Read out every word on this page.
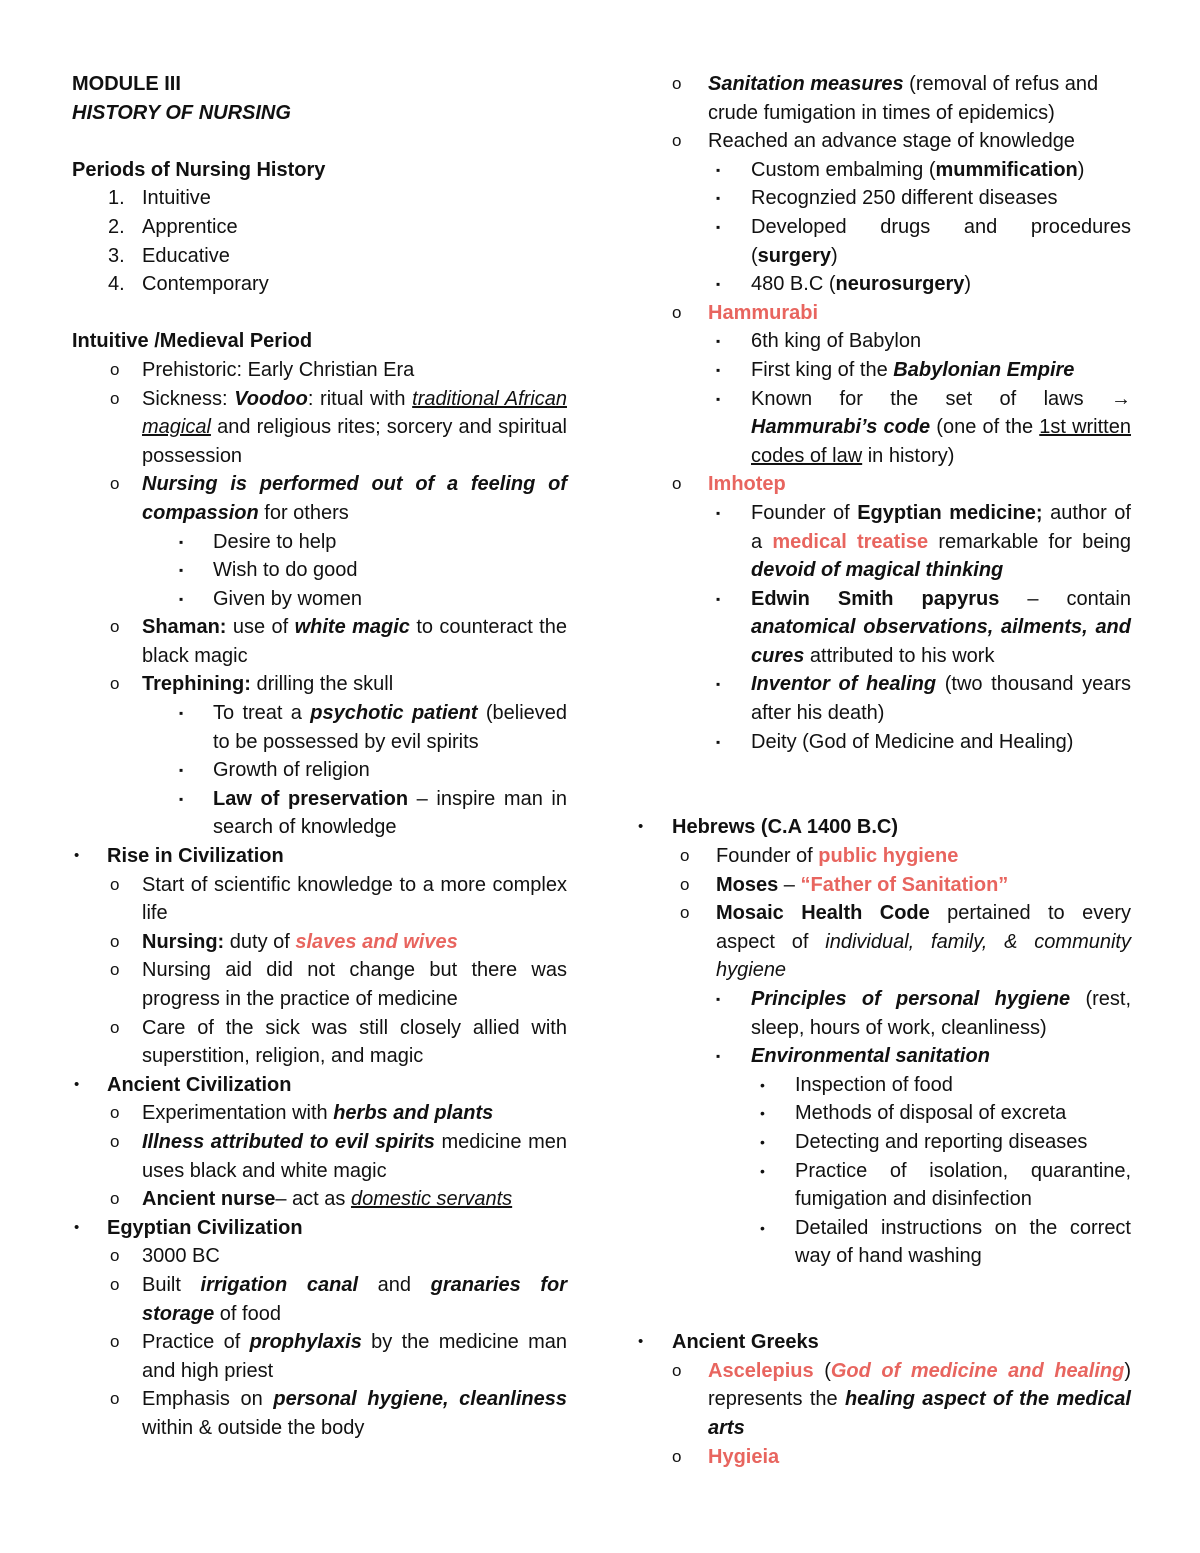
MODULE III
HISTORY OF NURSING
Periods of Nursing History
1. Intuitive
2. Apprentice
3. Educative
4. Contemporary
Intuitive /Medieval Period
o Prehistoric: Early Christian Era
o Sickness: Voodoo: ritual with traditional African magical and religious rites; sorcery and spiritual possession
o Nursing is performed out of a feeling of compassion for others
▪ Desire to help
▪ Wish to do good
▪ Given by women
o Shaman: use of white magic to counteract the black magic
o Trephining: drilling the skull
▪ To treat a psychotic patient (believed to be possessed by evil spirits
▪ Growth of religion
▪ Law of preservation – inspire man in search of knowledge
• Rise in Civilization
o Start of scientific knowledge to a more complex life
o Nursing: duty of slaves and wives
o Nursing aid did not change but there was progress in the practice of medicine
o Care of the sick was still closely allied with superstition, religion, and magic
• Ancient Civilization
o Experimentation with herbs and plants
o Illness attributed to evil spirits medicine men uses black and white magic
o Ancient nurse– act as domestic servants
• Egyptian Civilization
o 3000 BC
o Built irrigation canal and granaries for storage of food
o Practice of prophylaxis by the medicine man and high priest
o Emphasis on personal hygiene, cleanliness within & outside the body
o Sanitation measures (removal of refus and crude fumigation in times of epidemics)
o Reached an advance stage of knowledge
▪ Custom embalming (mummification)
▪ Recognzied 250 different diseases
▪ Developed drugs and procedures (surgery)
▪ 480 B.C (neurosurgery)
o Hammurabi
▪ 6th king of Babylon
▪ First king of the Babylonian Empire
▪ Known for the set of laws → Hammurabi’s code (one of the 1st written codes of law in history)
o Imhotep
▪ Founder of Egyptian medicine; author of a medical treatise remarkable for being devoid of magical thinking
▪ Edwin Smith papyrus – contain anatomical observations, ailments, and cures attributed to his work
▪ Inventor of healing (two thousand years after his death)
▪ Deity (God of Medicine and Healing)
• Hebrews (C.A 1400 B.C)
o Founder of public hygiene
o Moses – “Father of Sanitation”
o Mosaic Health Code pertained to every aspect of individual, family, & community hygiene
▪ Principles of personal hygiene (rest, sleep, hours of work, cleanliness)
▪ Environmental sanitation
• Inspection of food
• Methods of disposal of excreta
• Detecting and reporting diseases
• Practice of isolation, quarantine, fumigation and disinfection
• Detailed instructions on the correct way of hand washing
• Ancient Greeks
o Ascelepius (God of medicine and healing) represents the healing aspect of the medical arts
o Hygieia
